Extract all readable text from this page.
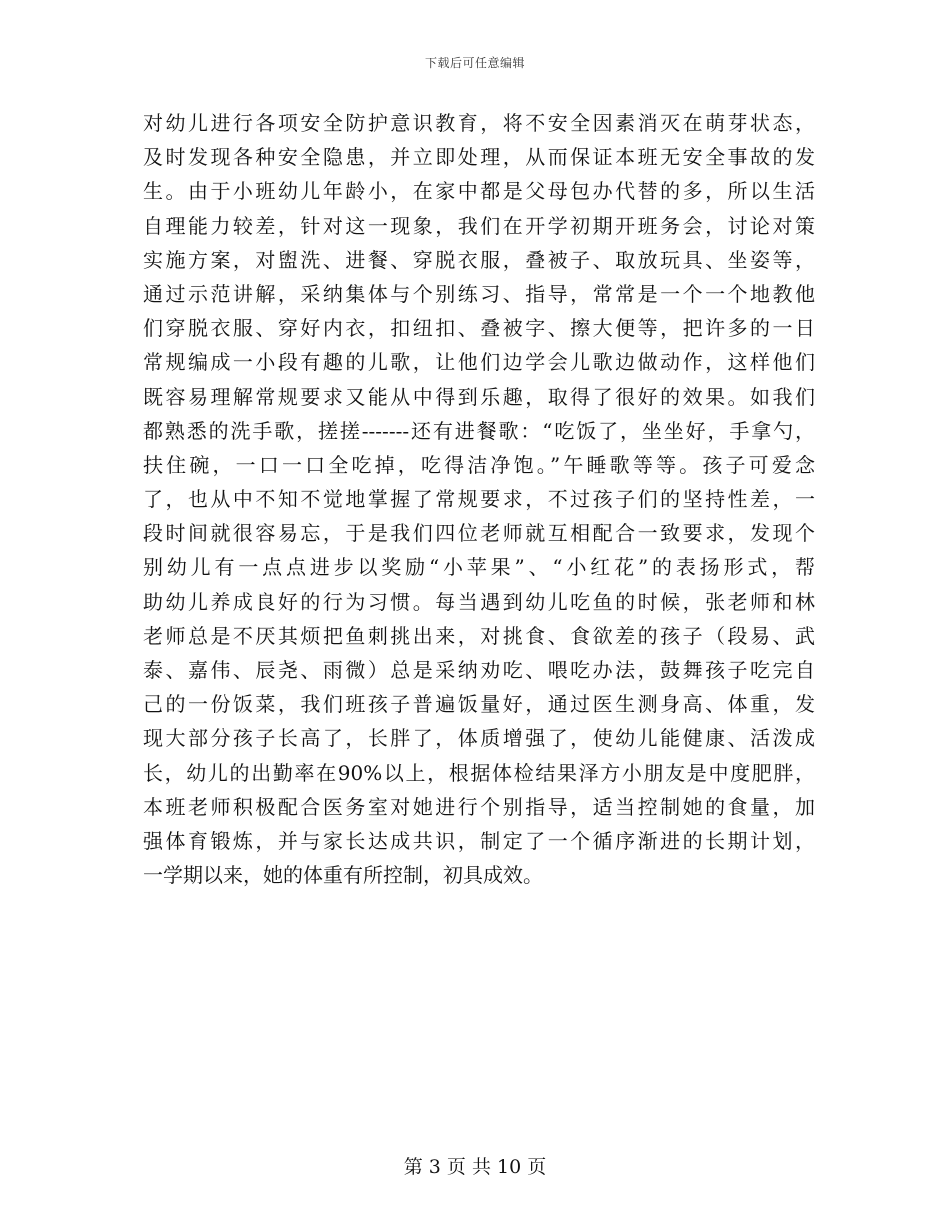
下载后可任意编辑
对幼儿进行各项安全防护意识教育，将不安全因素消灭在萌芽状态，
及时发现各种安全隐患，并立即处理，从而保证本班无安全事故的发
生。由于小班幼儿年龄小，在家中都是父母包办代替的多，所以生活
自理能力较差，针对这一现象，我们在开学初期开班务会，讨论对策
实施方案，对盥洗、进餐、穿脱衣服，叠被子、取放玩具、坐姿等，
通过示范讲解，采纳集体与个别练习、指导，常常是一个一个地教他
们穿脱衣服、穿好内衣，扣纽扣、叠被字、擦大便等，把许多的一日
常规编成一小段有趣的儿歌，让他们边学会儿歌边做动作，这样他们
既容易理解常规要求又能从中得到乐趣，取得了很好的效果。如我们
都熟悉的洗手歌，搓搓-------还有进餐歌：“吃饭了，坐坐好，手拿勺，
扶住碗，一口一口全吃掉，吃得洁净饱。”午睡歌等等。孩子可爱念
了，也从中不知不觉地掌握了常规要求，不过孩子们的坚持性差，一
段时间就很容易忘，于是我们四位老师就互相配合一致要求，发现个
别幼儿有一点点进步以奖励“小苹果”、“小红花”的表扬形式，帮
助幼儿养成良好的行为习惯。每当遇到幼儿吃鱼的时候，张老师和林
老师总是不厌其烦把鱼刺挑出来，对挑食、食欲差的孩子（段易、武
泰、嘉伟、辰尧、雨微）总是采纳劝吃、喂吃办法，鼓舞孩子吃完自
己的一份饭菜，我们班孩子普遍饭量好，通过医生测身高、体重，发
现大部分孩子长高了，长胖了，体质增强了，使幼儿能健康、活泼成
长，幼儿的出勤率在90%以上，根据体检结果泽方小朋友是中度肥胖，
本班老师积极配合医务室对她进行个别指导，适当控制她的食量，加
强体育锻炼，并与家长达成共识，制定了一个循序渐进的长期计划，
一学期以来，她的体重有所控制，初具成效。
第 3 页 共 10 页
